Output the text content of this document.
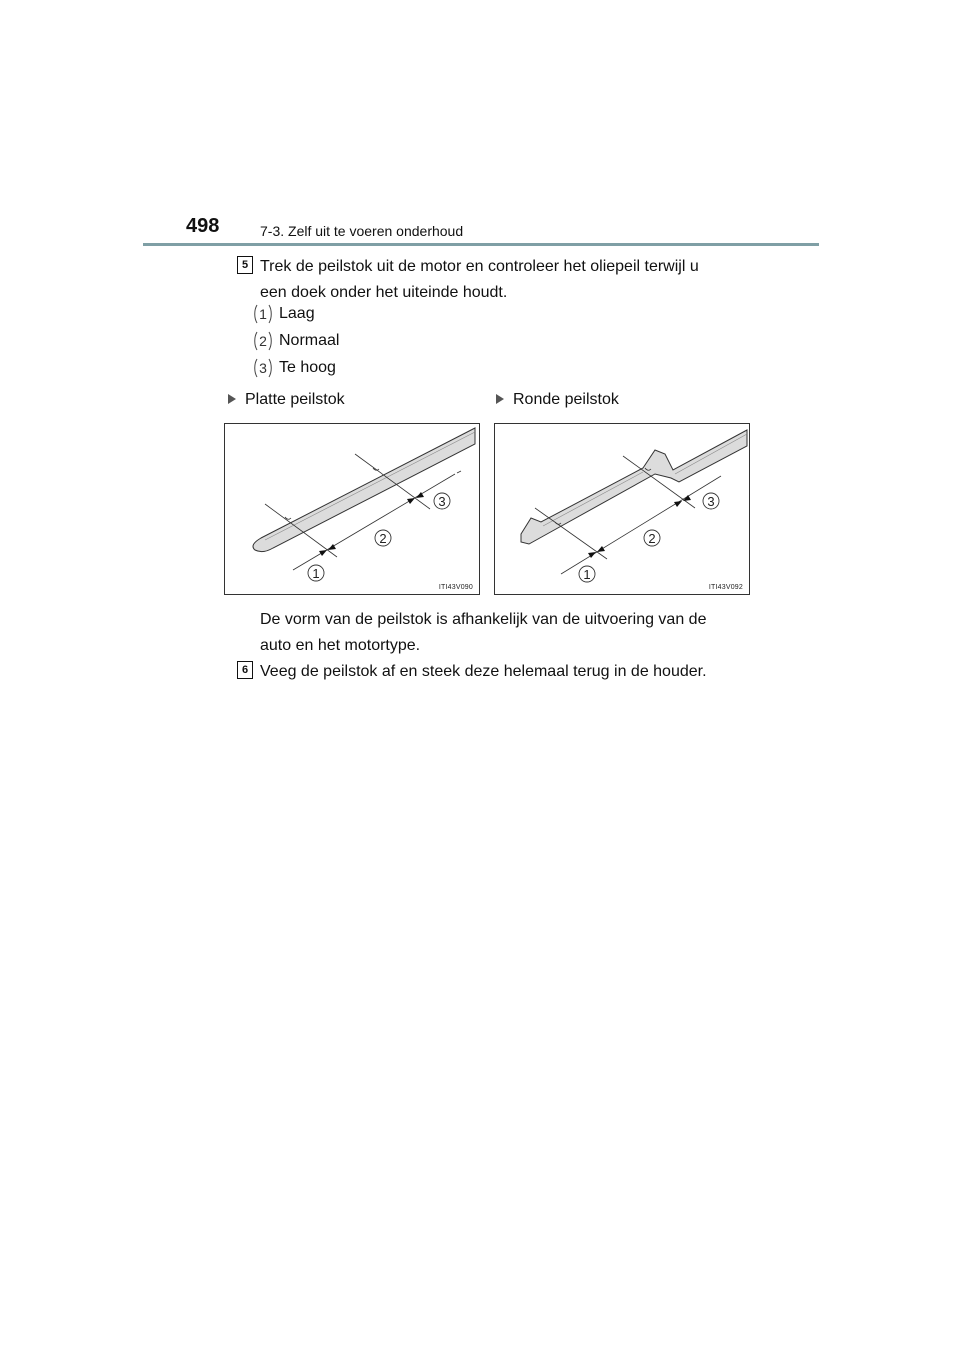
498	7-3. Zelf uit te voeren onderhoud
5 Trek de peilstok uit de motor en controleer het oliepeil terwijl u
een doek onder het uiteinde houdt.
Laag
Normaal
Te hoog
1
2
3
Platte peilstok	Ronde peilstok
1
2
3
ITI43V090
1
2
3
ITI43V092
De vorm van de peilstok is afhankelijk van de uitvoering van de
auto en het motortype.
6 Veeg de peilstok af en steek deze helemaal terug in de houder.
